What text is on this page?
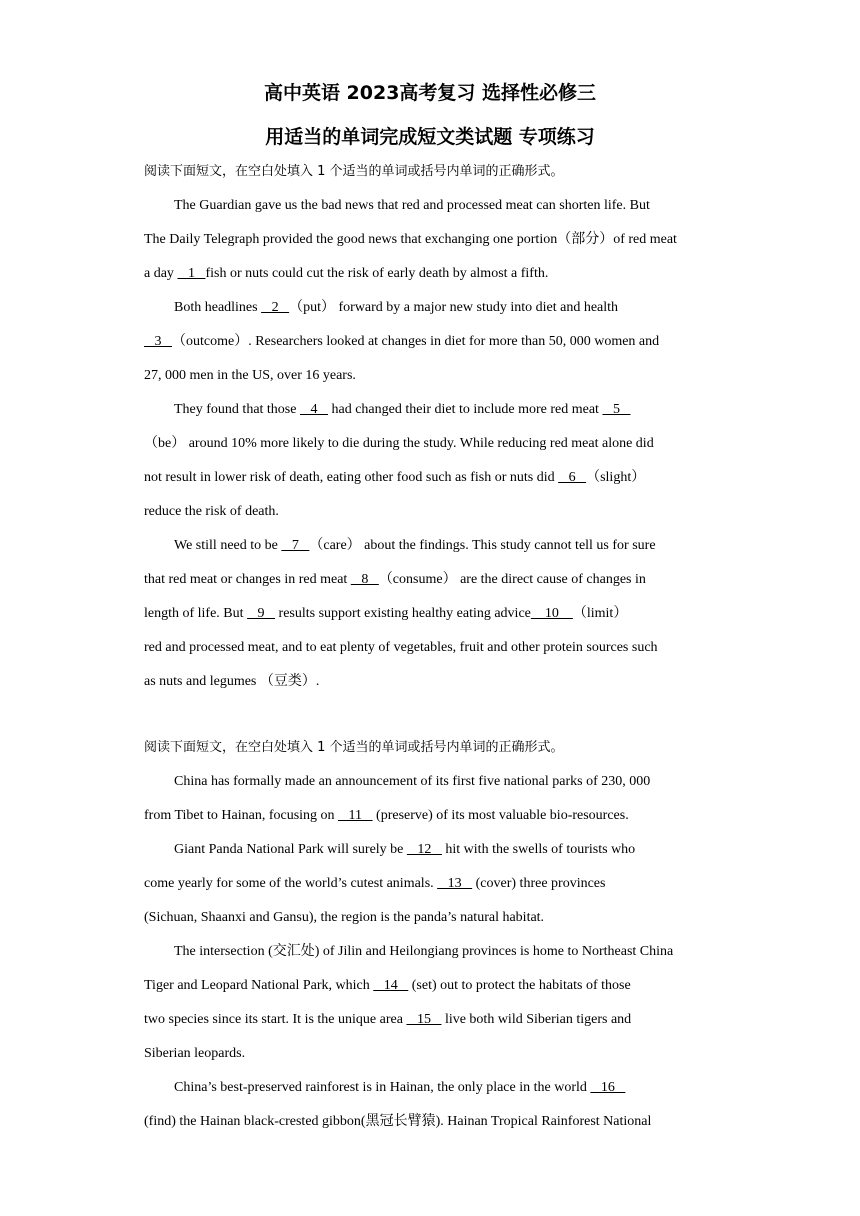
高中英语 2023高考复习 选择性必修三
用适当的单词完成短文类试题 专项练习
阅读下面短文，在空白处填入 1 个适当的单词或括号内单词的正确形式。
The Guardian gave us the bad news that red and processed meat can shorten life. But
The Daily Telegraph provided the good news that exchanging one portion（部分）of red meat
a day    1   fish or nuts could cut the risk of early death by almost a fifth.
Both headlines    2   （put） forward by a major new study into diet and health
3   （outcome）. Researchers looked at changes in diet for more than 50, 000 women and
27, 000 men in the US, over 16 years.
They found that those    4    had changed their diet to include more red meat    5
（be） around 10% more likely to die during the study. While reducing red meat alone did
not result in lower risk of death, eating other food such as fish or nuts did    6   （slight）
reduce the risk of death.
We still need to be    7   （care） about the findings. This study cannot tell us for sure
that red meat or changes in red meat    8   （consume） are the direct cause of changes in
length of life. But    9    results support existing healthy eating advice    10    （limit）
red and processed meat, and to eat plenty of vegetables, fruit and other protein sources such
as nuts and legumes （豆类）.
阅读下面短文，在空白处填入 1 个适当的单词或括号内单词的正确形式。
China has formally made an announcement of its first five national parks of 230, 000
from Tibet to Hainan, focusing on    11    (preserve) of its most valuable bio-resources.
Giant Panda National Park will surely be    12    hit with the swells of tourists who
come yearly for some of the world’s cutest animals.    13    (cover) three provinces
(Sichuan, Shaanxi and Gansu), the region is the panda’s natural habitat.
The intersection (交汇处) of Jilin and Heilongiang provinces is home to Northeast China
Tiger and Leopard National Park, which    14    (set) out to protect the habitats of those
two species since its start. It is the unique area    15    live both wild Siberian tigers and
Siberian leopards.
China’s best-preserved rainforest is in Hainan, the only place in the world    16
(find) the Hainan black-crested gibbon(黑冠长臂猿). Hainan Tropical Rainforest National
